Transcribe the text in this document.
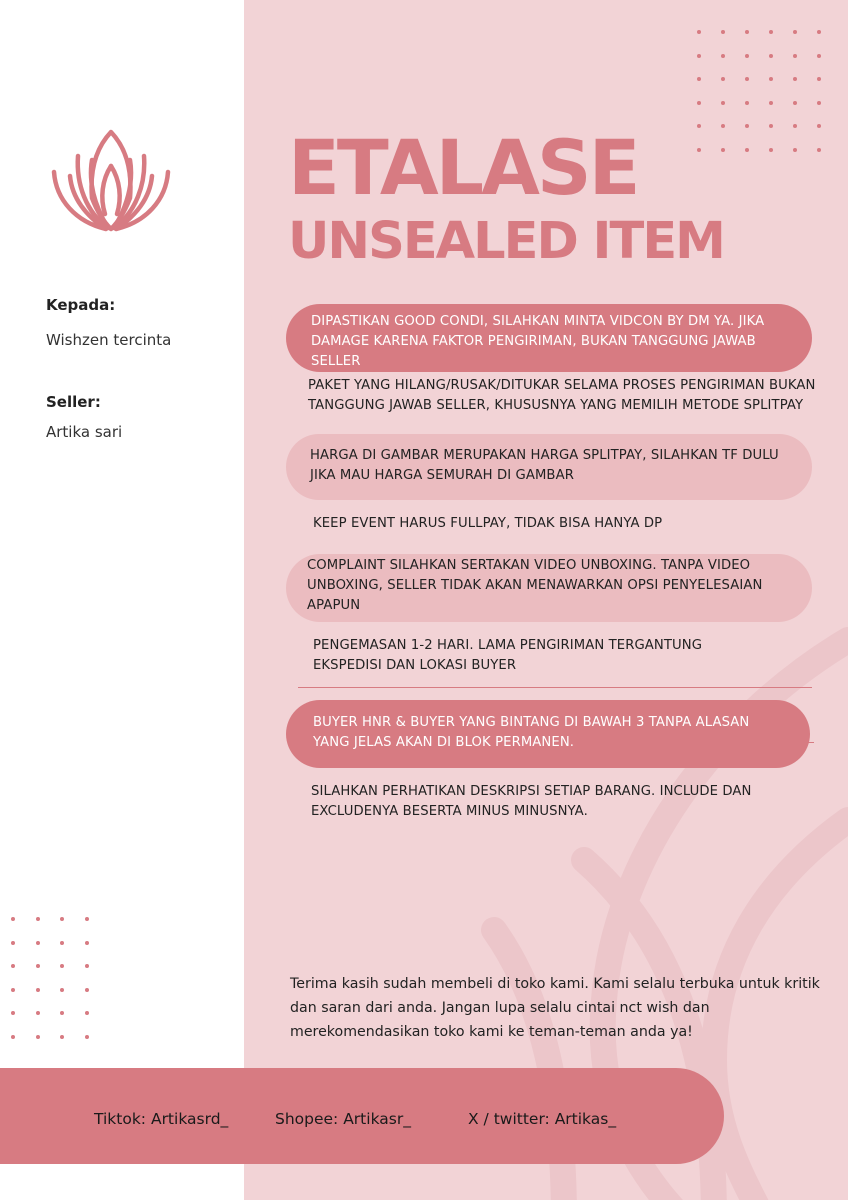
ETALASE
UNSEALED ITEM

Kepada:

Wishzen tercinta

Seller:

Artika sari

DIPASTIKAN GOOD CONDI, SILAHKAN MINTA VIDCON BY DM YA. JIKA DAMAGE KARENA FAKTOR PENGIRIMAN, BUKAN TANGGUNG JAWAB SELLER

PAKET YANG HILANG/RUSAK/DITUKAR SELAMA PROSES PENGIRIMAN BUKAN TANGGUNG JAWAB SELLER, KHUSUSNYA YANG MEMILIH METODE SPLITPAY

HARGA DI GAMBAR MERUPAKAN HARGA SPLITPAY, SILAHKAN TF DULU JIKA MAU HARGA SEMURAH DI GAMBAR

KEEP EVENT HARUS FULLPAY, TIDAK BISA HANYA DP

COMPLAINT SILAHKAN SERTAKAN VIDEO UNBOXING. TANPA VIDEO UNBOXING, SELLER TIDAK AKAN MENAWARKAN OPSI PENYELESAIAN APAPUN

PENGEMASAN 1-2 HARI. LAMA PENGIRIMAN TERGANTUNG EKSPEDISI DAN LOKASI BUYER

BUYER HNR & BUYER YANG BINTANG DI BAWAH 3 TANPA ALASAN YANG JELAS AKAN DI BLOK PERMANEN.

SILAHKAN PERHATIKAN DESKRIPSI SETIAP BARANG. INCLUDE DAN EXCLUDENYA BESERTA MINUS MINUSNYA.

Terima kasih sudah membeli di toko kami. Kami selalu terbuka untuk kritik dan saran dari anda. Jangan lupa selalu cintai nct wish dan merekomendasikan toko kami ke teman-teman anda ya!

Tiktok: Artikasrd_	Shopee: Artikasr_	X / twitter: Artikas_
